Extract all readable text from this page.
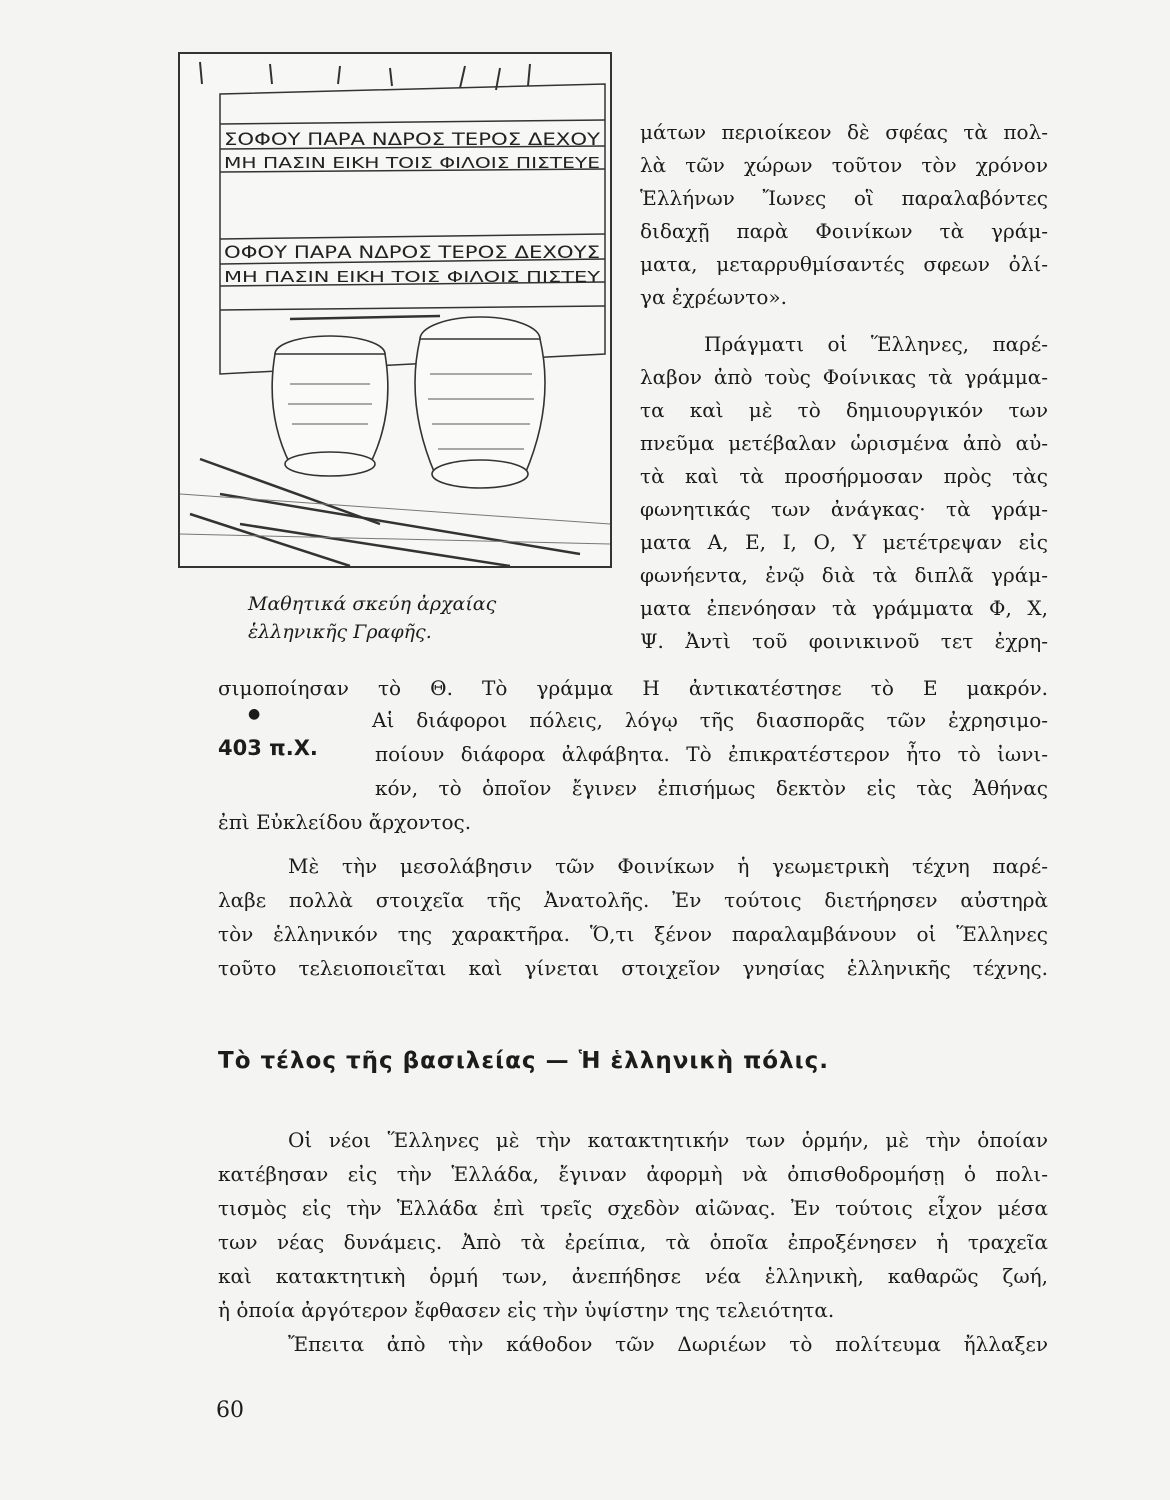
ΣΟΦΟΥ ΠΑΡΑ ΝΔΡΟΣ ΤΕΡΟΣ ΔΕΧΟΥ
ΜΗ ΠΑΣΙΝ ΕΙΚΗ ΤΟΙΣ ΦΙΛΟΙΣ ΠΙΣΤΕΥΕ
ΟΦΟΥ ΠΑΡΑ ΝΔΡΟΣ ΤΕΡΟΣ ΔΕΧΟΥΣ
ΜΗ ΠΑΣΙΝ ΕΙΚΗ ΤΟΙΣ ΦΙΛΟΙΣ ΠΙΣΤΕΥ
Μαθητικά σκεύη ἀρχαίας
ἑλληνικῆς Γραφῆς.
μάτων περιοίκεον δὲ σφέας τὰ πολ-
λὰ τῶν χώρων τοῦτον τὸν χρόνον
Ἑλλήνων Ἴωνες οἳ παραλαβόντες
διδαχῇ παρὰ Φοινίκων τὰ γράμ-
ματα, μεταρρυθμίσαντές σφεων ὀλί-
γα ἐχρέωντο».
Πράγματι οἱ Ἕλληνες, παρέ-
λαβον ἀπὸ τοὺς Φοίνικας τὰ γράμμα-
τα καὶ μὲ τὸ δημιουργικόν των
πνεῦμα μετέβαλαν ὡρισμένα ἀπὸ αὐ-
τὰ καὶ τὰ προσήρμοσαν πρὸς τὰς
φωνητικάς των ἀνάγκας· τὰ γράμ-
ματα Α, Ε, Ι, Ο, Υ μετέτρεψαν εἰς
φωνήεντα, ἐνῷ διὰ τὰ διπλᾶ γράμ-
ματα ἐπενόησαν τὰ γράμματα Φ, Χ,
Ψ. Ἀντὶ τοῦ φοινικινοῦ τετ ἐχρη-
σιμοποίησαν τὸ Θ. Τὸ γράμμα Η ἀντικατέστησε τὸ Ε μακρόν.
●	Αἱ διάφοροι πόλεις, λόγῳ τῆς διασπορᾶς τῶν ἐχρησιμο-
ποίουν διάφορα ἀλφάβητα. Τὸ ἐπικρατέστερον ἦτο τὸ ἰωνι-
κόν, τὸ ὁποῖον ἔγινεν ἐπισήμως δεκτὸν εἰς τὰς Ἀθήνας
403 π.Χ.
ἐπὶ Εὐκλείδου ἄρχοντος.
Μὲ τὴν μεσολάβησιν τῶν Φοινίκων ἡ γεωμετρικὴ τέχνη παρέ-
λαβε πολλὰ στοιχεῖα τῆς Ἀνατολῆς. Ἐν τούτοις διετήρησεν αὐστηρὰ
τὸν ἑλληνικόν της χαρακτῆρα. Ὅ,τι ξένον παραλαμβάνουν οἱ Ἕλληνες
τοῦτο τελειοποιεῖται καὶ γίνεται στοιχεῖον γνησίας ἑλληνικῆς τέχνης.
Τὸ τέλος τῆς βασιλείας — Ἡ ἑλληνικὴ πόλις.
Οἱ νέοι Ἕλληνες μὲ τὴν κατακτητικήν των ὁρμήν, μὲ τὴν ὁποίαν
κατέβησαν εἰς τὴν Ἑλλάδα, ἔγιναν ἀφορμὴ νὰ ὀπισθοδρομήσῃ ὁ πολι-
τισμὸς εἰς τὴν Ἑλλάδα ἐπὶ τρεῖς σχεδὸν αἰῶνας. Ἐν τούτοις εἶχον μέσα
των νέας δυνάμεις. Ἀπὸ τὰ ἐρείπια, τὰ ὁποῖα ἐπροξένησεν ἡ τραχεῖα
καὶ κατακτητικὴ ὁρμή των, ἀνεπήδησε νέα ἑλληνικὴ, καθαρῶς ζωή,
ἡ ὁποία ἀργότερον ἔφθασεν εἰς τὴν ὑψίστην της τελειότητα.
Ἔπειτα ἀπὸ τὴν κάθοδον τῶν Δωριέων τὸ πολίτευμα ἤλλαξεν
60
